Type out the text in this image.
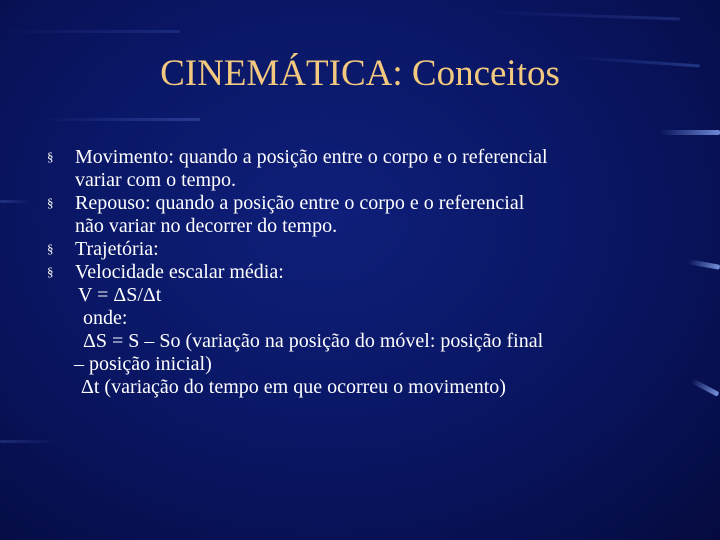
CINEMÁTICA: Conceitos
§ Movimento: quando a posição entre o corpo e o referencial
variar com o tempo.
§ Repouso: quando a posição entre o corpo e o referencial
não variar no decorrer do tempo.
§ Trajetória:
§ Velocidade escalar média:
V = ΔS/Δt
onde:
ΔS = S – So (variação na posição do móvel: posição final
– posição inicial)
Δt (variação do tempo em que ocorreu o movimento)
